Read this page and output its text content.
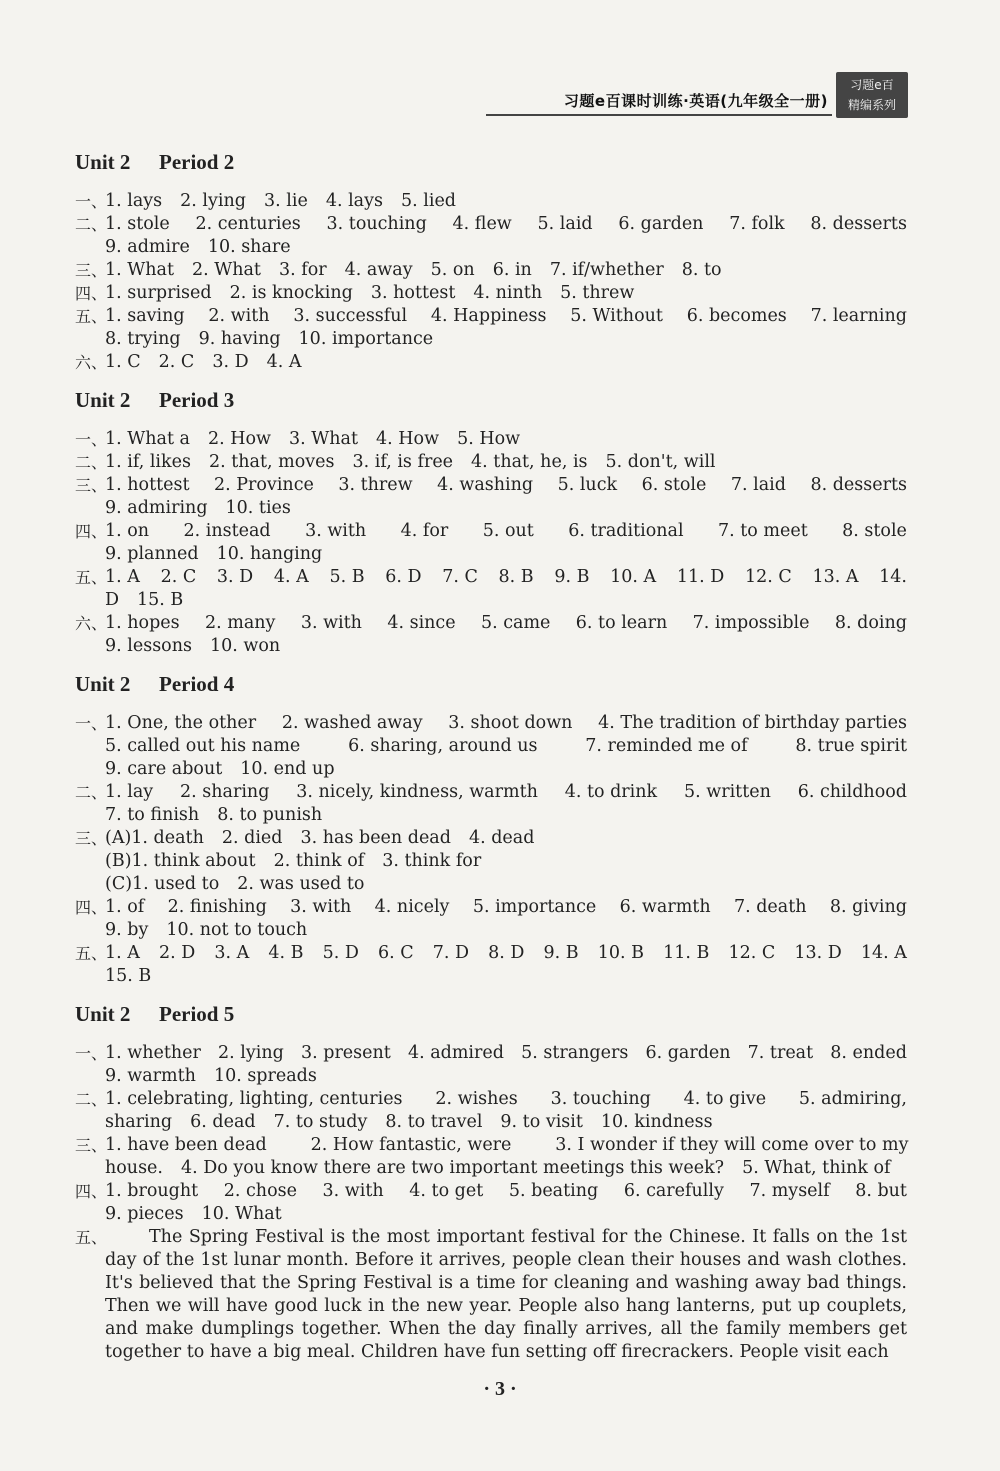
习题e百课时训练·英语(九年级全一册)
习题e百
精编系列
Unit 2 Period 2
一、
1. lays 2. lying 3. lie 4. lays 5. lied
二、
1. stole 2. centuries 3. touching 4. flew 5. laid 6. garden 7. folk 8. desserts
9. admire 10. share
三、
1. What 2. What 3. for 4. away 5. on 6. in 7. if/whether 8. to
四、
1. surprised 2. is knocking 3. hottest 4. ninth 5. threw
五、
1. saving 2. with 3. successful 4. Happiness 5. Without 6. becomes 7. learning
8. trying 9. having 10. importance
六、
1. C 2. C 3. D 4. A
Unit 2 Period 3
一、
1. What a 2. How 3. What 4. How 5. How
二、
1. if, likes 2. that, moves 3. if, is free 4. that, he, is 5. don't, will
三、
1. hottest 2. Province 3. threw 4. washing 5. luck 6. stole 7. laid 8. desserts
9. admiring 10. ties
四、
1. on 2. instead 3. with 4. for 5. out 6. traditional 7. to meet 8. stole
9. planned 10. hanging
五、
1. A 2. C 3. D 4. A 5. B 6. D 7. C 8. B 9. B 10. A 11. D 12. C 13. A 14.
D 15. B
六、
1. hopes 2. many 3. with 4. since 5. came 6. to learn 7. impossible 8. doing
9. lessons 10. won
Unit 2 Period 4
一、
1. One, the other 2. washed away 3. shoot down 4. The tradition of birthday parties
5. called out his name	6. sharing, around us	7. reminded me of	8. true spirit
9. care about 10. end up
二、
1. lay 2. sharing 3. nicely, kindness, warmth 4. to drink 5. written 6. childhood
7. to finish 8. to punish
三、
(A)1. death 2. died 3. has been dead 4. dead
(B)1. think about 2. think of 3. think for
(C)1. used to 2. was used to
四、
1. of 2. finishing 3. with 4. nicely 5. importance 6. warmth 7. death 8. giving
9. by 10. not to touch
五、
1. A 2. D 3. A 4. B 5. D 6. C 7. D 8. D 9. B 10. B 11. B 12. C 13. D 14. A
15. B
Unit 2 Period 5
一、
1. whether 2. lying 3. present 4. admired 5. strangers 6. garden 7. treat 8. ended
9. warmth 10. spreads
二、
1. celebrating, lighting, centuries 2. wishes 3. touching 4. to give 5. admiring,
sharing 6. dead 7. to study 8. to travel 9. to visit 10. kindness
三、
1. have been dead	2. How fantastic, were	3. I wonder if they will come over to my
house. 4. Do you know there are two important meetings this week? 5. What, think of
四、
1. brought 2. chose 3. with 4. to get 5. beating 6. carefully 7. myself 8. but
9. pieces 10. What
五、	The Spring Festival is the most important festival for the Chinese. It falls on the 1st day of the 1st lunar month. Before it arrives, people clean their houses and wash clothes. It's believed that the Spring Festival is a time for cleaning and washing away bad things. Then we will have good luck in the new year. People also hang lanterns, put up couplets, and make dumplings together. When the day finally arrives, all the family members get together to have a big meal. Children have fun setting off firecrackers. People visit each
· 3 ·
